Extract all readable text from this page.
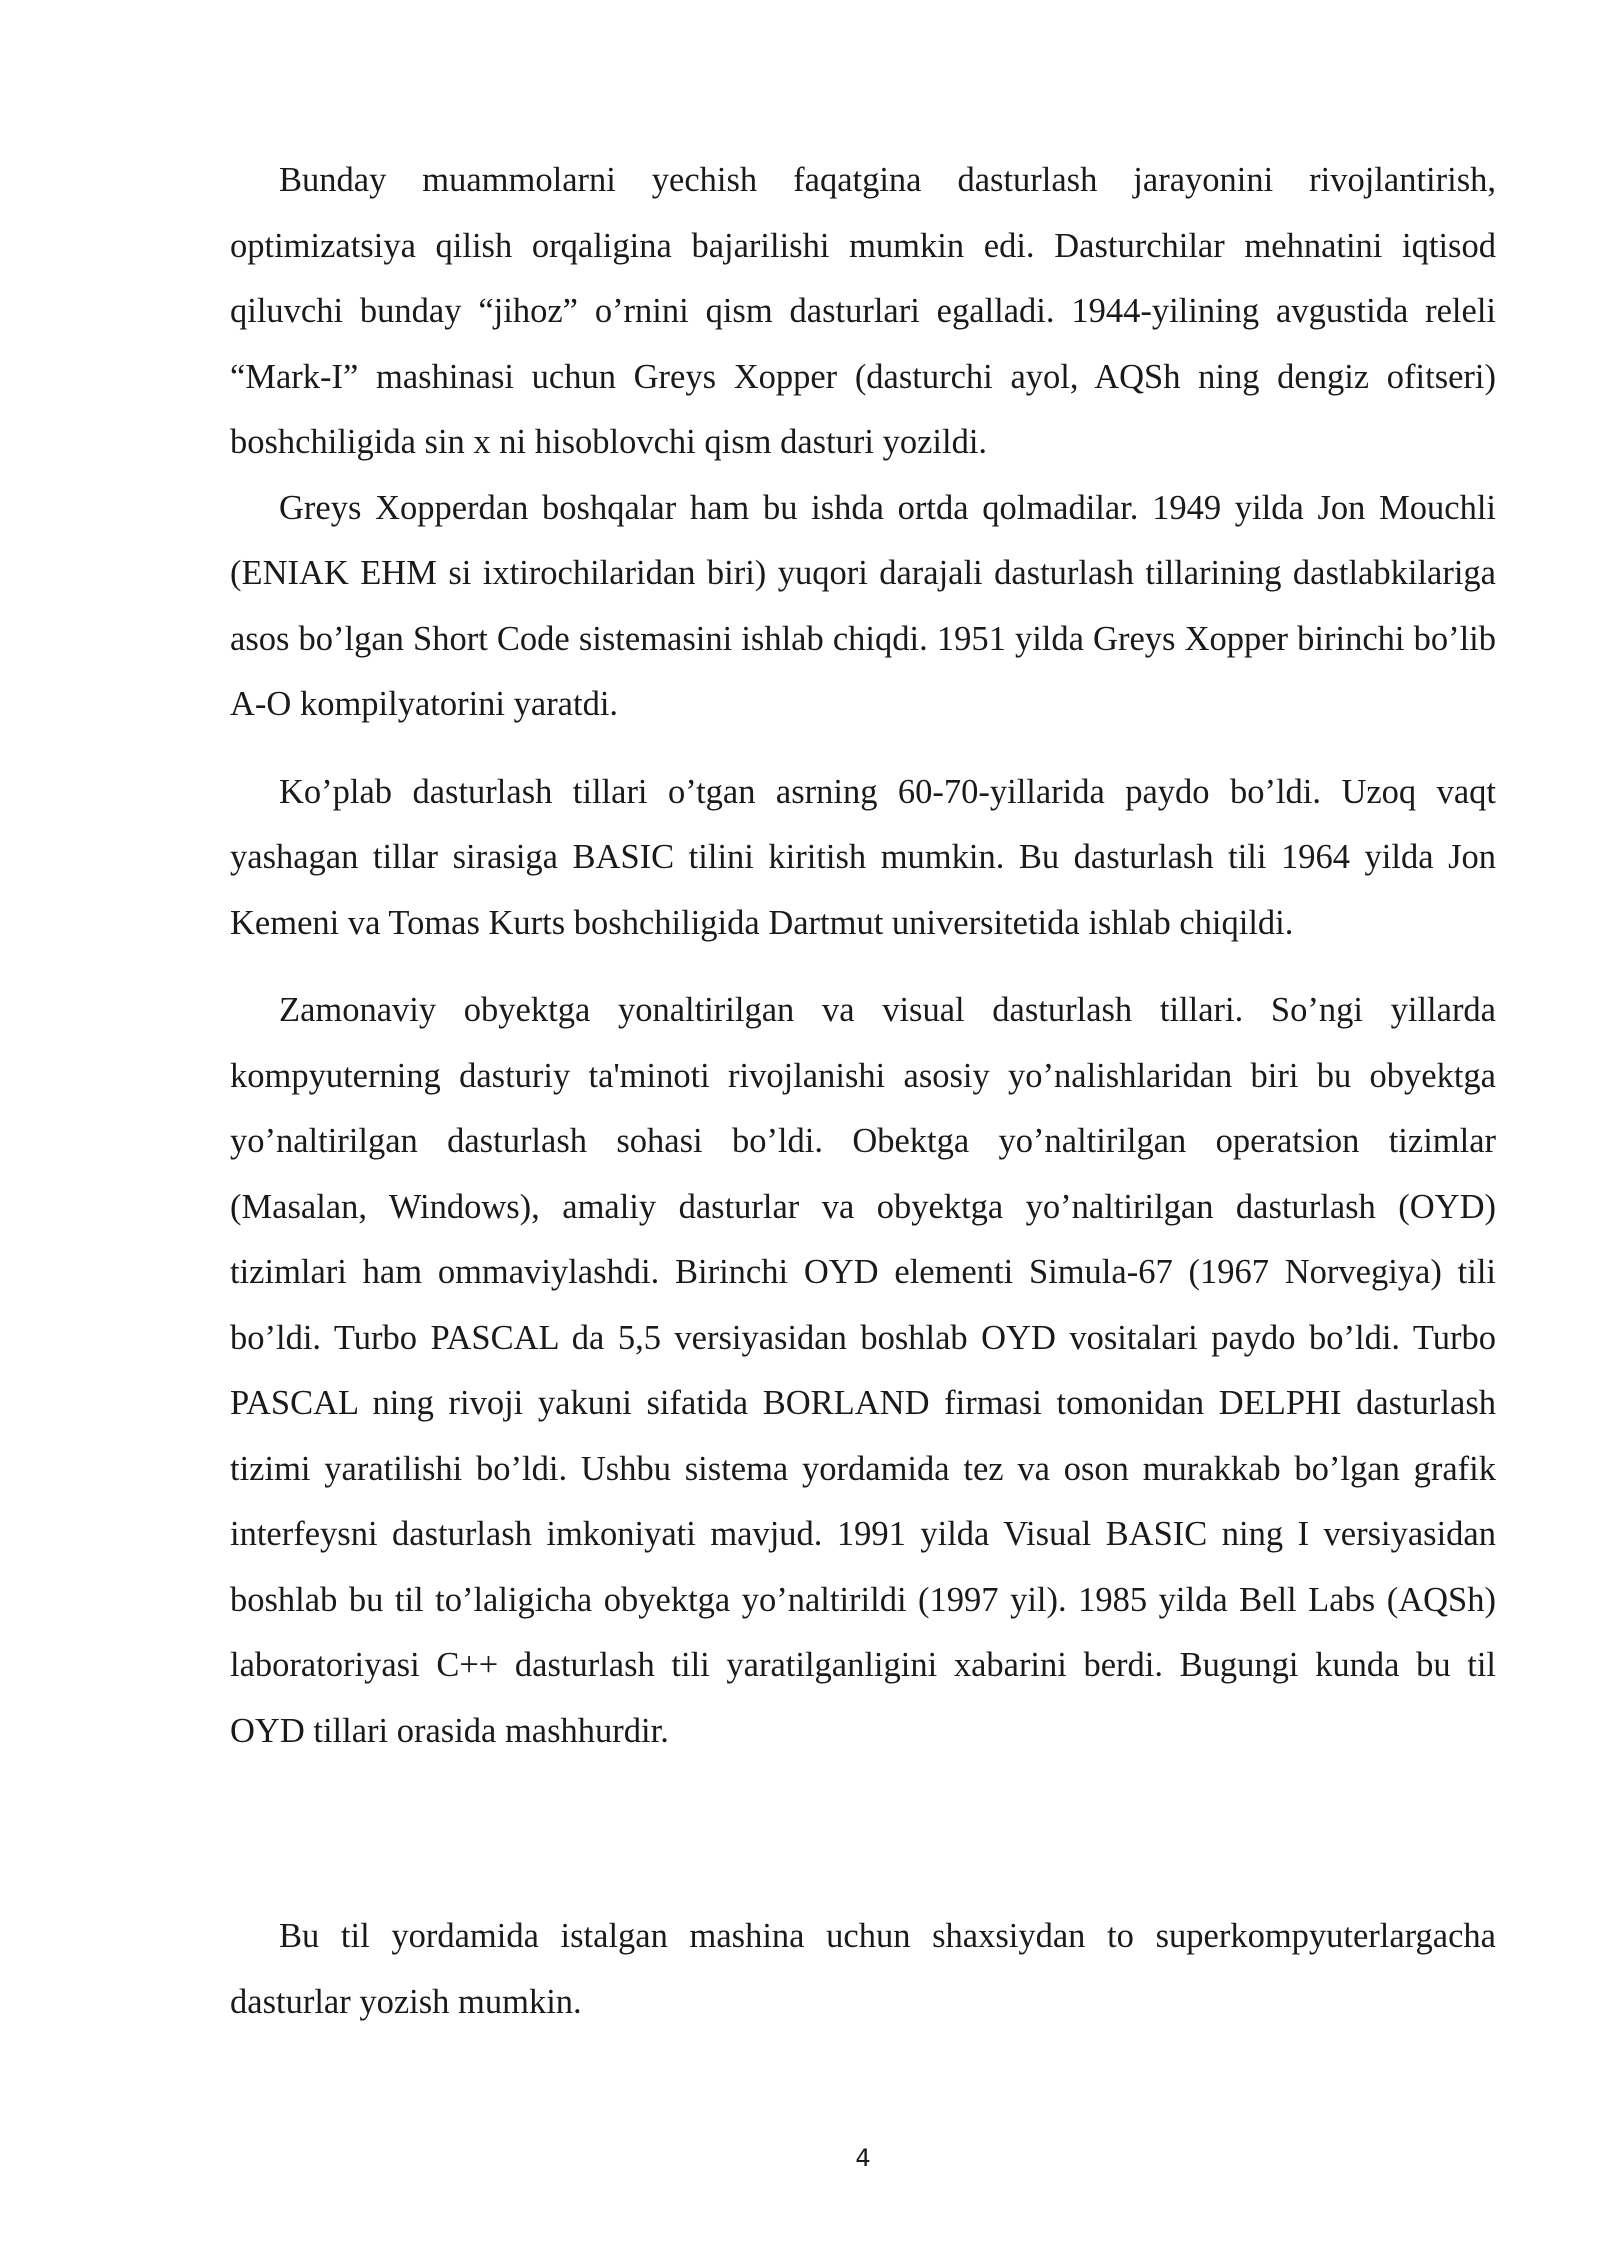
Bunday muammolarni yechish faqatgina dasturlash jarayonini rivojlantirish, optimizatsiya qilish orqaligina bajarilishi mumkin edi. Dasturchilar mehnatini iqtisod qiluvchi bunday “jihoz” o’rnini qism dasturlari egalladi. 1944-yilining avgustida releli “Mark-I” mashinasi uchun Greys Xopper (dasturchi ayol, AQSh ning dengiz ofitseri) boshchiligida sin x ni hisoblovchi qism dasturi yozildi.

Greys Xopperdan boshqalar ham bu ishda ortda qolmadilar. 1949 yilda Jon Mouchli (ENIAK EHM si ixtirochilaridan biri) yuqori darajali dasturlash tillarining dastlabkilariga asos bo’lgan Short Code sistemasini ishlab chiqdi. 1951 yilda Greys Xopper birinchi bo’lib A-O kompilyatorini yaratdi.

Ko’plab dasturlash tillari o’tgan asrning 60-70-yillarida paydo bo’ldi. Uzoq vaqt yashagan tillar sirasiga BASIC tilini kiritish mumkin. Bu dasturlash tili 1964 yilda Jon Kemeni va Tomas Kurts boshchiligida Dartmut universitetida ishlab chiqildi.

Zamonaviy obyektga yonaltirilgan va visual dasturlash tillari. So’ngi yillarda kompyuterning dasturiy ta'minoti rivojlanishi asosiy yo’nalishlaridan biri bu obyektga yo’naltirilgan dasturlash sohasi bo’ldi. Obektga yo’naltirilgan operatsion tizimlar (Masalan, Windows), amaliy dasturlar va obyektga yo’naltirilgan dasturlash (OYD) tizimlari ham ommaviylashdi. Birinchi OYD elementi Simula-67 (1967 Norvegiya) tili bo’ldi. Turbo PASCAL da 5,5 versiyasidan boshlab OYD vositalari paydo bo’ldi. Turbo PASCAL ning rivoji yakuni sifatida BORLAND firmasi tomonidan DELPHI dasturlash tizimi yaratilishi bo’ldi. Ushbu sistema yordamida tez va oson murakkab bo’lgan grafik interfeysni dasturlash imkoniyati mavjud. 1991 yilda Visual BASIC ning I versiyasidan boshlab bu til to’laligicha obyektga yo’naltirildi (1997 yil). 1985 yilda Bell Labs (AQSh) laboratoriyasi C++ dasturlash tili yaratilganligini xabarini berdi. Bugungi kunda bu til OYD tillari orasida mashhurdir.

Bu til yordamida istalgan mashina uchun shaxsiydan to superkompyuterlargacha dasturlar yozish mumkin.

4
